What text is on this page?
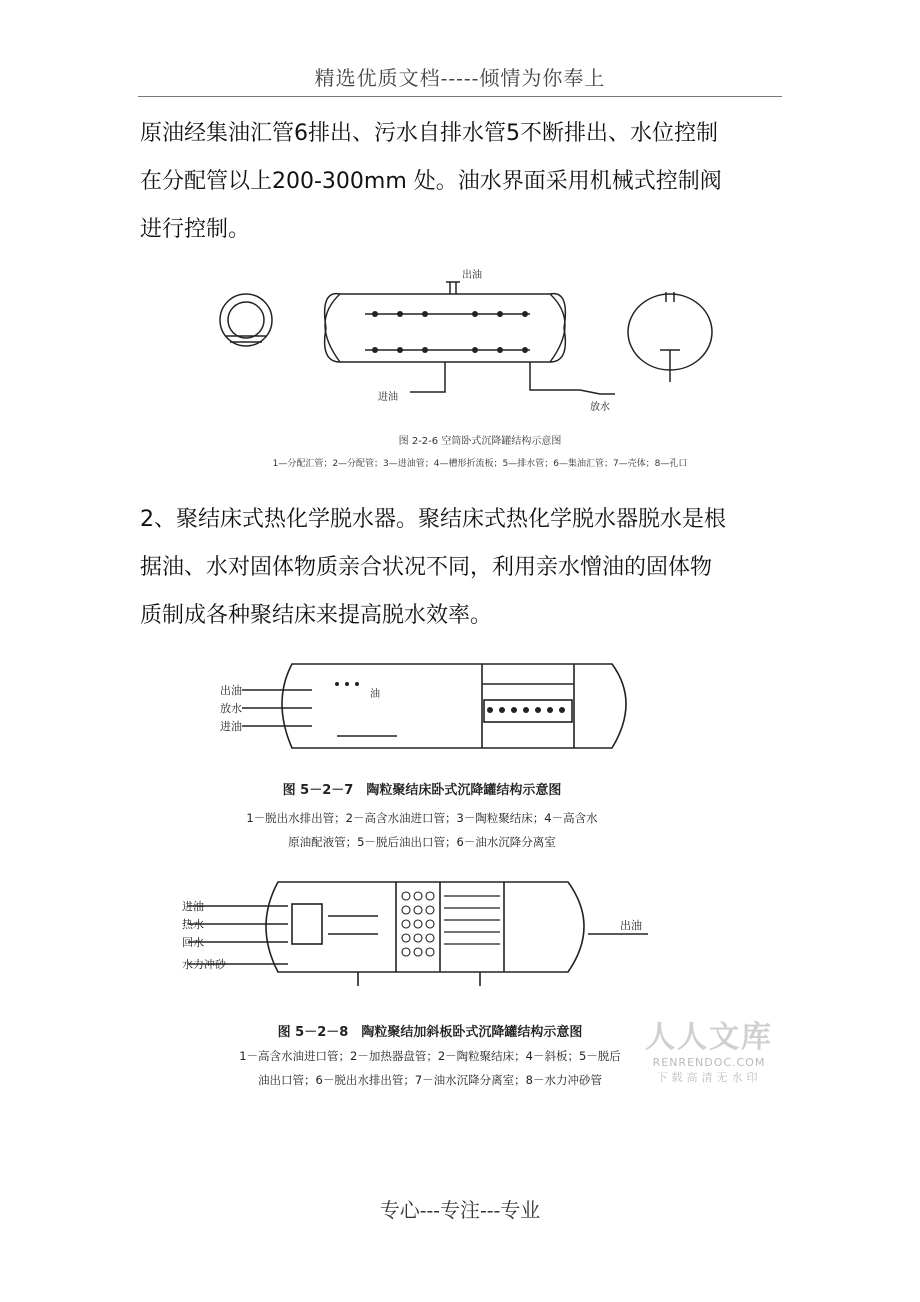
精选优质文档-----倾情为你奉上
原油经集油汇管6排出、污水自排水管5不断排出、水位控制
在分配管以上200-300mm 处。油水界面采用机械式控制阀
进行控制。
出油
进油
放水
图 2-2-6 空筒卧式沉降罐结构示意图
1—分配汇管；2—分配管；3—进油管；4—槽形折流板；5—排水管；6—集油汇管；7—壳体；8—孔口
2、聚结床式热化学脱水器。聚结床式热化学脱水器脱水是根
据油、水对固体物质亲合状况不同，利用亲水憎油的固体物
质制成各种聚结床来提高脱水效率。
出油
放水
进油
油
图 5－2－7　陶粒聚结床卧式沉降罐结构示意图
1－脱出水排出管；2－高含水油进口管；3－陶粒聚结床；4－高含水
原油配液管；5－脱后油出口管；6－油水沉降分离室
进油
热水
回水
水力冲砂
出油
图 5－2－8　陶粒聚结加斜板卧式沉降罐结构示意图
1－高含水油进口管；2－加热器盘管；2－陶粒聚结床；4－斜板；5－脱后
油出口管；6－脱出水排出管；7－油水沉降分离室；8－水力冲砂管
人人文库
RENRENDOC.COM
下载高清无水印
专心---专注---专业
